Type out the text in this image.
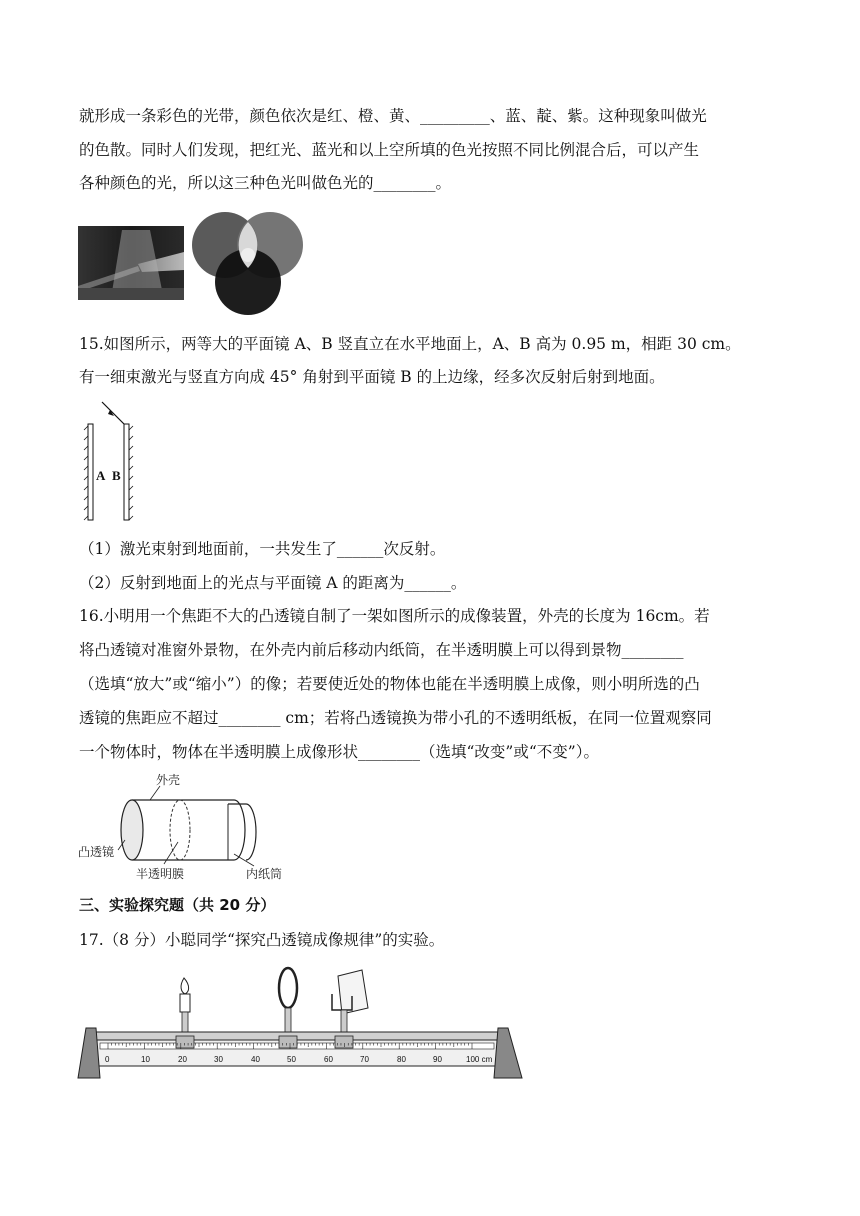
就形成一条彩色的光带，颜色依次是红、橙、黄、_________、蓝、靛、紫。这种现象叫做光
的色散。同时人们发现，把红光、蓝光和以上空所填的色光按照不同比例混合后，可以产生
各种颜色的光，所以这三种色光叫做色光的________。
15.如图所示，两等大的平面镜 A、B 竖直立在水平地面上，A、B 高为 0.95 m，相距 30 cm。
有一细束激光与竖直方向成 45° 角射到平面镜 B 的上边缘，经多次反射后射到地面。
A B
（1）激光束射到地面前，一共发生了______次反射。
（2）反射到地面上的光点与平面镜 A 的距离为______。
16.小明用一个焦距不大的凸透镜自制了一架如图所示的成像装置，外壳的长度为 16cm。若
将凸透镜对准窗外景物，在外壳内前后移动内纸筒，在半透明膜上可以得到景物________
（选填“放大”或“缩小”）的像；若要使近处的物体也能在半透明膜上成像，则小明所选的凸
透镜的焦距应不超过________ cm；若将凸透镜换为带小孔的不透明纸板，在同一位置观察同
一个物体时，物体在半透明膜上成像形状________（选填“改变”或“不变”）。
外壳
凸透镜
半透明膜	内纸筒
三、实验探究题（共 20 分）
17.（8 分）小聪同学“探究凸透镜成像规律”的实验。
0	10	20	30	40	50	60	70	80	90	100 cm
